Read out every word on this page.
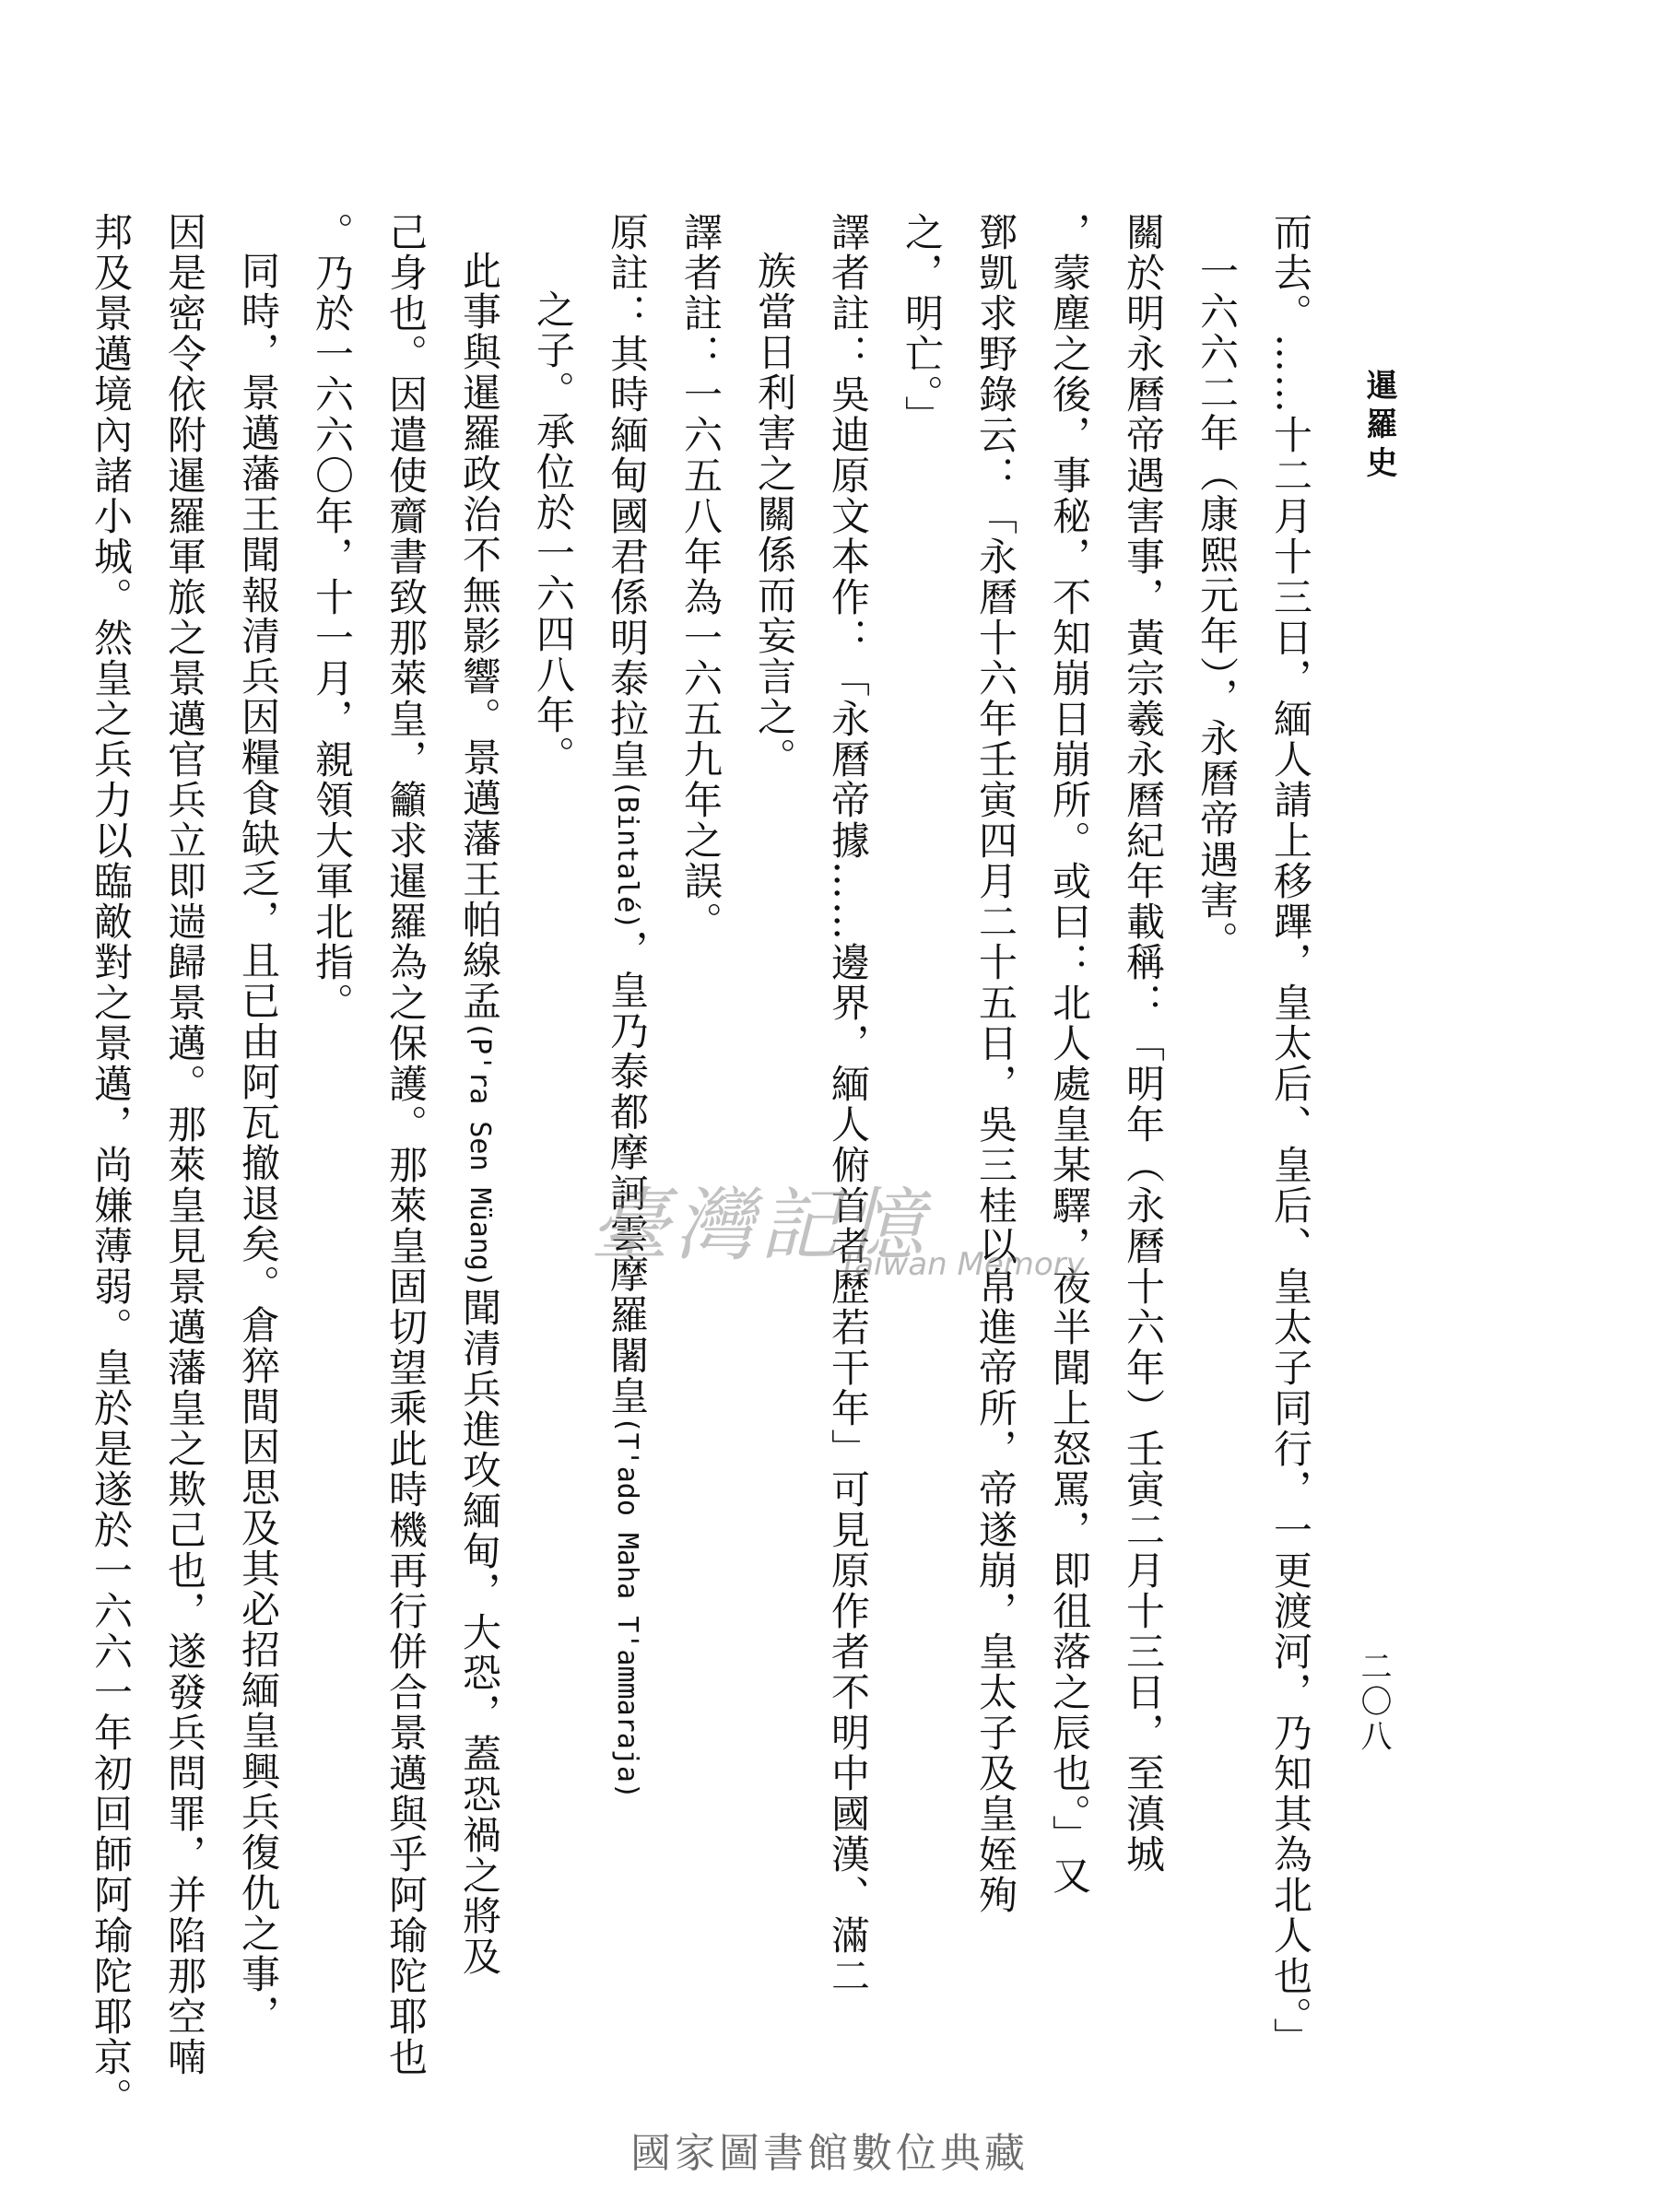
暹羅史
二〇八

而去。……十二月十三日，緬人請上移蹕，皇太后、皇后、皇太子同行，一更渡河，乃知其為北人也。」

一六六二年（康熙元年），永曆帝遇害。

關於明永曆帝遇害事，黃宗羲永曆紀年載稱：「明年（永曆十六年）壬寅二月十三日，至滇城

，蒙塵之後，事秘，不知崩日崩所。或曰：北人處皇某驛，夜半聞上怒罵，即徂落之辰也。」又

鄧凱求野錄云：「永曆十六年壬寅四月二十五日，吳三桂以帛進帝所，帝遂崩，皇太子及皇姪殉

之，明亡。」

譯者註：吳迪原文本作：「永曆帝據……邊界，緬人俯首者歷若干年」可見原作者不明中國漢、滿二

族當日利害之關係而妄言之。

譯者註：一六五八年為一六五九年之誤。

原註：其時緬甸國君係明泰拉皇(Bintalé)，皇乃泰都摩訶雲摩羅闍皇(T'ado Maha T'ammaraja)

之子。承位於一六四八年。

此事與暹羅政治不無影響。景邁藩王帕線孟(P'ra Sen Müang)聞清兵進攻緬甸，大恐，蓋恐禍之將及

己身也。因遣使齎書致那萊皇，籲求暹羅為之保護。那萊皇固切望乘此時機再行併合景邁與乎阿瑜陀耶也

。乃於一六六〇年，十一月，親領大軍北指。

同時，景邁藩王聞報清兵因糧食缺乏，且已由阿瓦撤退矣。倉猝間因思及其必招緬皇興兵復仇之事，

因是密令依附暹羅軍旅之景邁官兵立即遄歸景邁。那萊皇見景邁藩皇之欺己也，遂發兵問罪，并陷那空喃

邦及景邁境內諸小城。然皇之兵力以臨敵對之景邁，尚嫌薄弱。皇於是遂於一六六一年初回師阿瑜陀耶京。	臺灣記憶
Taiwan Memory
國家圖書館數位典藏
